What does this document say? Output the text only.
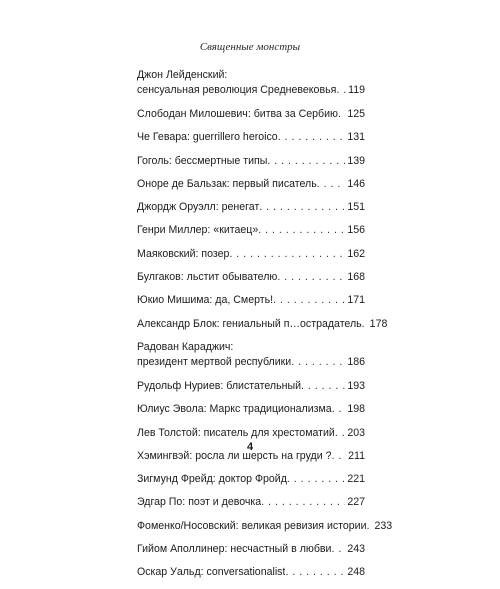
Священные монстры
Джон Лейденский:
сенсуальная революция Средневековья . . . 119
Слободан Милошевич: битва за Сербию . . . 125
Че Гевара: guerrillero heroico . . .	131
Гоголь: бессмертные типы . . .	139
Оноре де Бальзак: первый писатель . . .	146
Джордж Оруэлл: ренегат . . .	151
Генри Миллер: «китаец» . . .	156
Маяковский: позер . . .	162
Булгаков: льстит обывателю . . .	168
Юкио Мишима: да, Смерть! . . .	171
Александр Блок: гениальный п…острадатель . . . 178
Радован Караджич:
президент мертвой республики . . .	186
Рудольф Нуриев: блистательный . . .	193
Юлиус Эвола: Маркс традиционализма . . . 198
Лев Толстой: писатель для хрестоматий . . . 203
Хэмингвэй: росла ли шерсть на груди ? . . . 211
Зигмунд Фрейд: доктор Фройд . . .	221
Эдгар По: поэт и девочка . . .	227
Фоменко/Носовский: великая ревизия истории . . . 233
Гийом Аполлинер: несчастный в любви . . . 243
Оскар Уальд: conversationalist . . .	248
4
